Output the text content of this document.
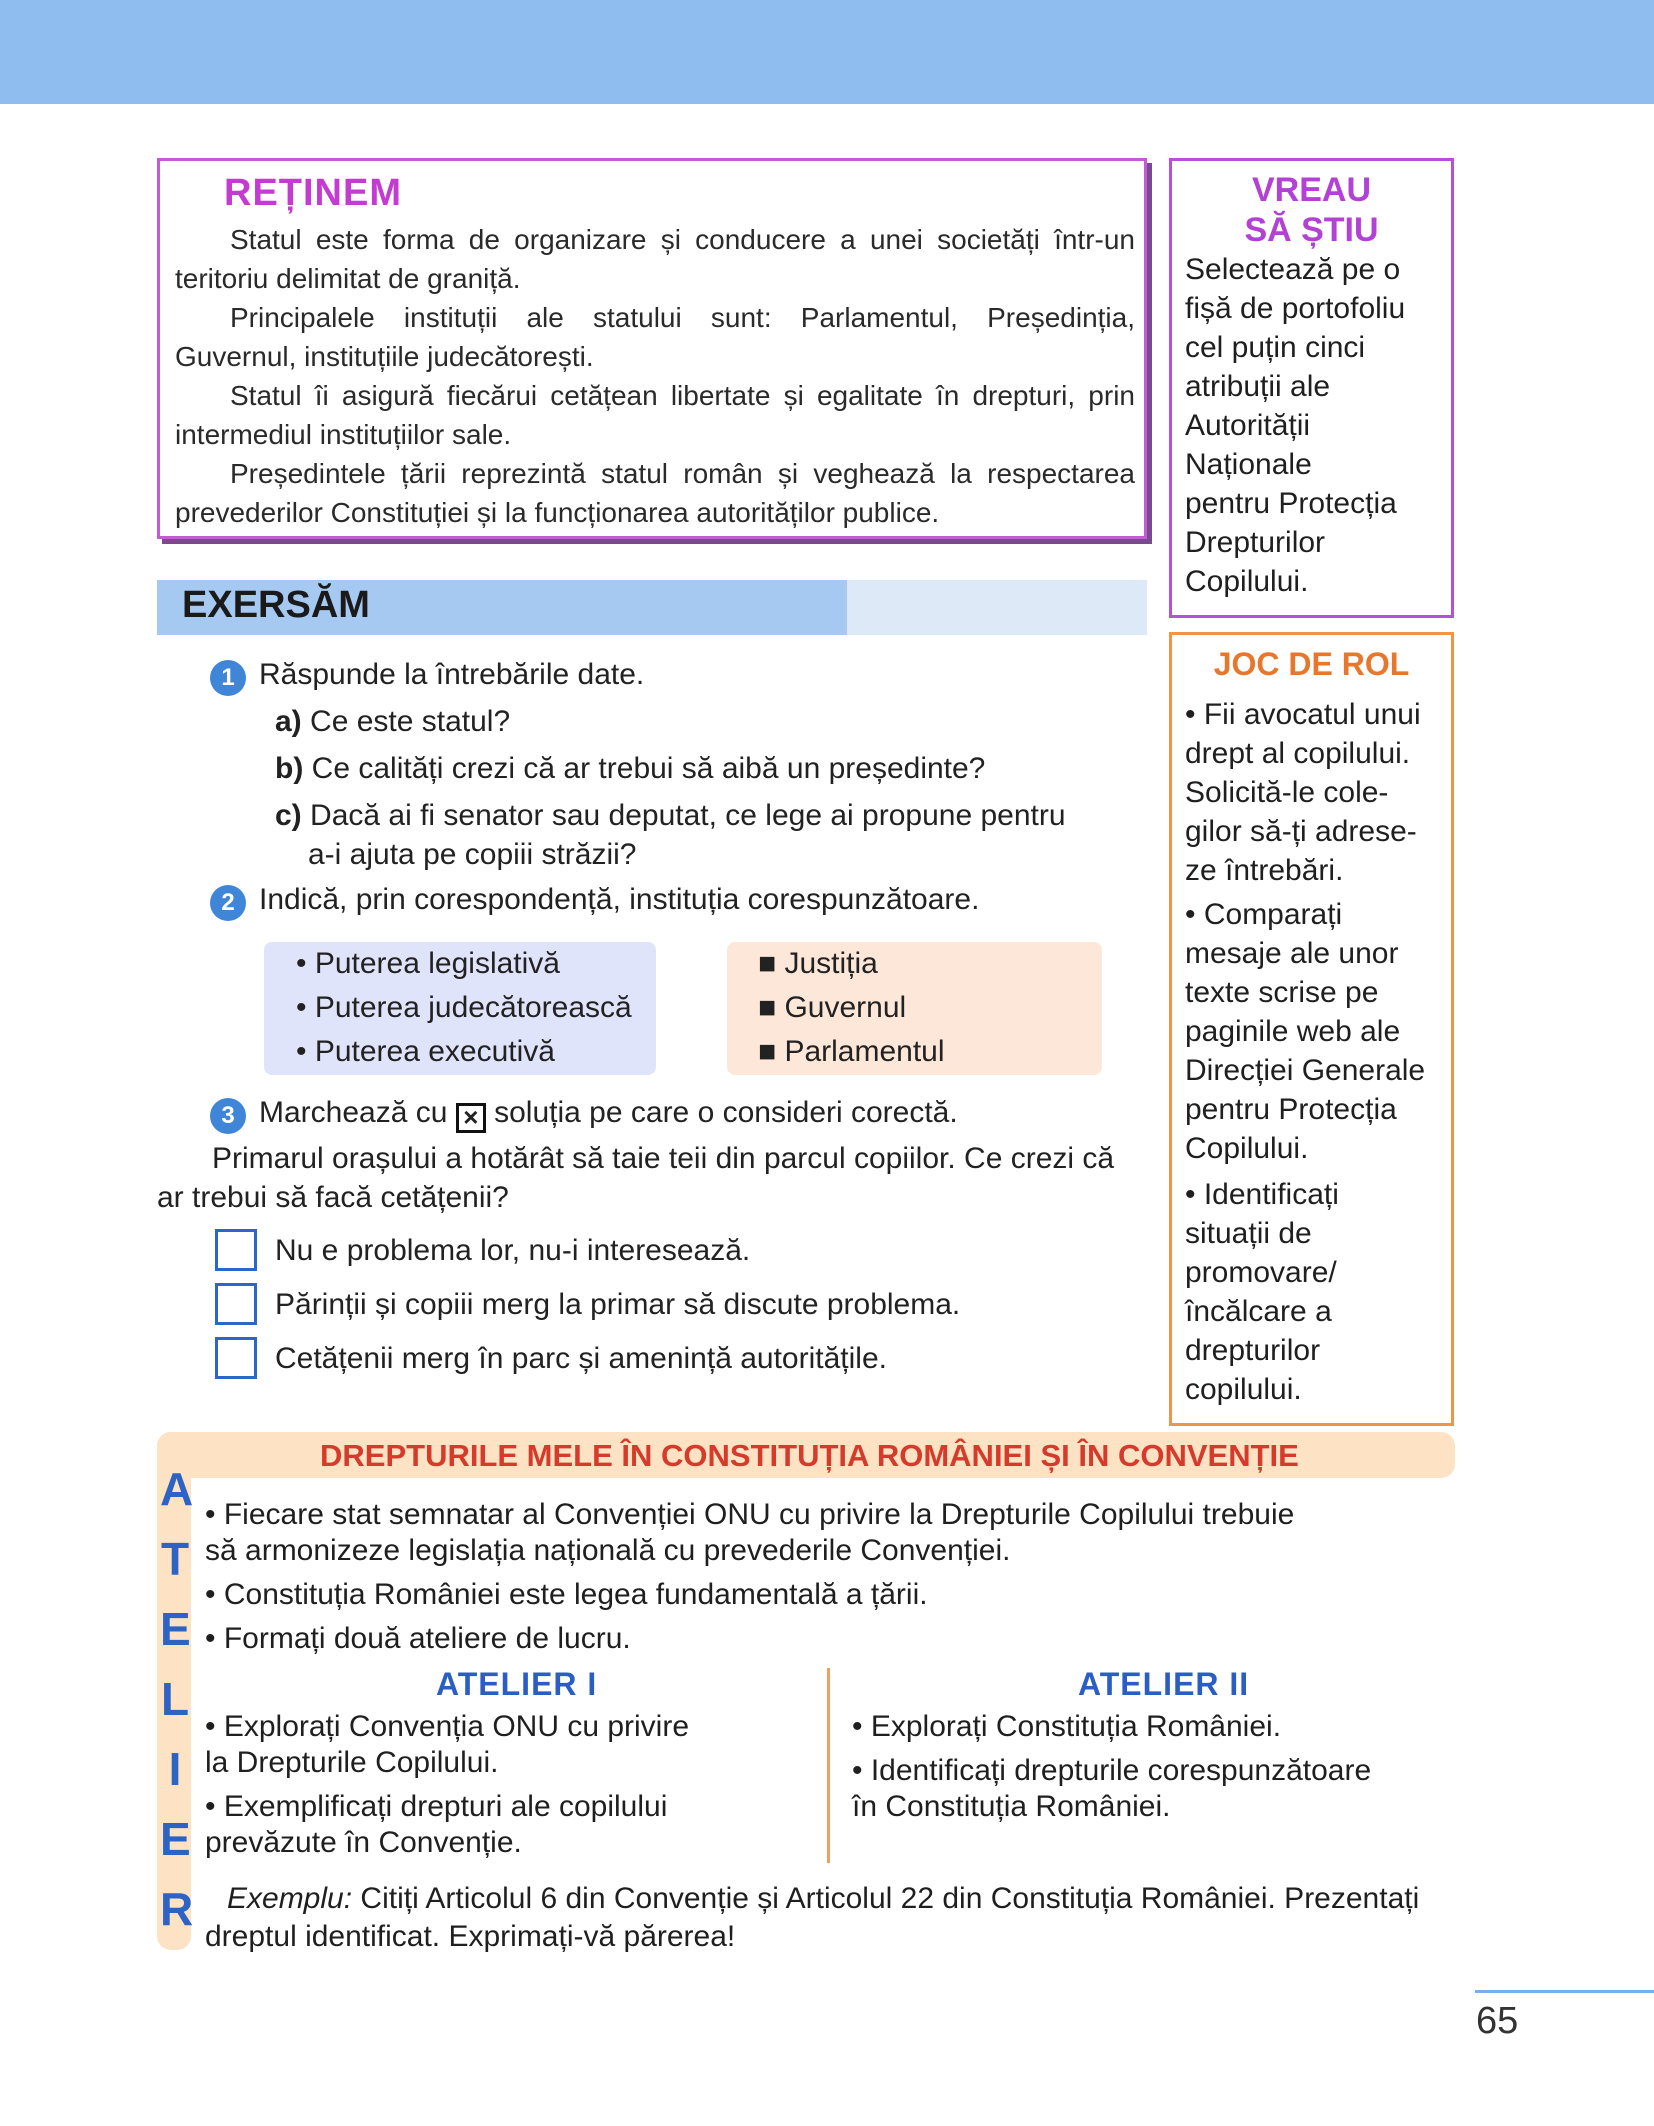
REȚINEM
Statul este forma de organizare și conducere a unei societăți într-un teritoriu delimitat de graniță.
Principalele instituții ale statului sunt: Parlamentul, Președinția, Guvernul, instituțiile judecătorești.
Statul îi asigură fiecărui cetățean libertate și egalitate în drepturi, prin intermediul instituțiilor sale.
Președintele țării reprezintă statul român și veghează la respectarea prevederilor Constituției și la funcționarea autorităților publice.
EXERSĂM
1 Răspunde la întrebările date.
a) Ce este statul?
b) Ce calități crezi că ar trebui să aibă un președinte?
c) Dacă ai fi senator sau deputat, ce lege ai propune pentru
a-i ajuta pe copiii străzii?
2 Indică, prin corespondență, instituția corespunzătoare.
• Puterea legislativă
• Puterea judecătorească
• Puterea executivă
■ Justiția
■ Guvernul
■ Parlamentul
3 Marchează cu × soluția pe care o consideri corectă.
Primarul orașului a hotărât să taie teii din parcul copiilor. Ce crezi că
ar trebui să facă cetățenii?
Nu e problema lor, nu-i interesează.
Părinții și copiii merg la primar să discute problema.
Cetățenii merg în parc și amenință autoritățile.
VREAU
SĂ ȘTIU
Selectează pe o
fișă de portofoliu
cel puțin cinci
atribuții ale
Autorității
Naționale
pentru Protecția
Drepturilor
Copilului.
JOC DE ROL
• Fii avocatul unui
drept al copilului.
Solicită-le cole-
gilor să-ți adrese-
ze întrebări.
• Comparați
mesaje ale unor
texte scrise pe
paginile web ale
Direcției Generale
pentru Protecția
Copilului.
• Identificați
situații de
promovare/
încălcare a
drepturilor
copilului.
DREPTURILE MELE ÎN CONSTITUȚIA ROMÂNIEI ȘI ÎN CONVENȚIE
A
T
E
L
I
E
R
• Fiecare stat semnatar al Convenției ONU cu privire la Drepturile Copilului trebuie
să armonizeze legislația națională cu prevederile Convenției.
• Constituția României este legea fundamentală a țării.
• Formați două ateliere de lucru.
ATELIER I
• Explorați Convenția ONU cu privire
la Drepturile Copilului.
• Exemplificați drepturi ale copilului
prevăzute în Convenție.
ATELIER II
• Explorați Constituția României.
• Identificați drepturile corespunzătoare
în Constituția României.
Exemplu: Citiți Articolul 6 din Convenție și Articolul 22 din Constituția României. Prezentați
dreptul identificat. Exprimați-vă părerea!
65
